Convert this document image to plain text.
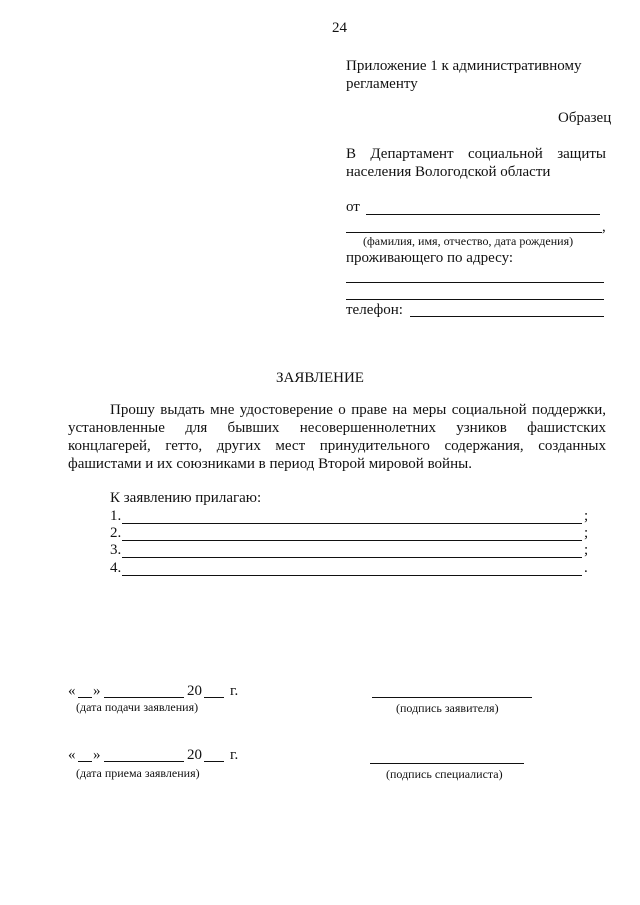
24
Приложение 1 к административному
регламенту
Образец
В Департамент социальной защиты
населения Вологодской области
от
,
(фамилия, имя, отчество, дата рождения)
проживающего по адресу:
телефон:
ЗАЯВЛЕНИЕ
Прошу выдать мне удостоверение о праве на меры социальной поддержки,
установленные для бывших несовершеннолетних узников фашистских
концлагерей, гетто, других мест принудительного содержания, созданных
фашистами и их союзниками в период Второй мировой войны.
К заявлению прилагаю:
1.	;
2.	;
3.	;
4.	.
« »	20 г.
(дата подачи заявления)	(подпись заявителя)
« »	20 г.
(дата приема заявления)	(подпись специалиста)
